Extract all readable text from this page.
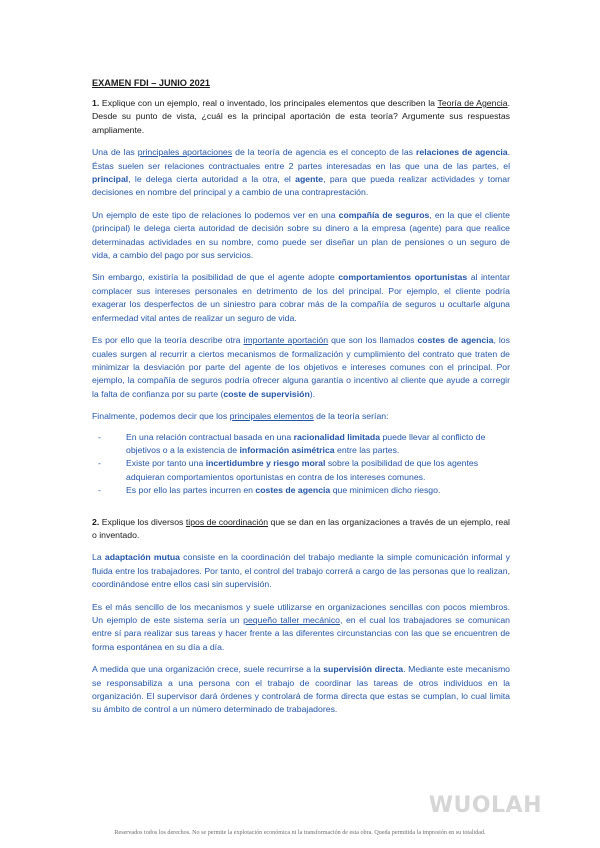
EXAMEN FDI – JUNIO 2021

1. Explique con un ejemplo, real o inventado, los principales elementos que describen la Teoría de Agencia. Desde su punto de vista, ¿cuál es la principal aportación de esta teoría? Argumente sus respuestas ampliamente.

Una de las principales aportaciones de la teoría de agencia es el concepto de las relaciones de agencia. Éstas suelen ser relaciones contractuales entre 2 partes interesadas en las que una de las partes, el principal, le delega cierta autoridad a la otra, el agente, para que pueda realizar actividades y tomar decisiones en nombre del principal y a cambio de una contraprestación.

Un ejemplo de este tipo de relaciones lo podemos ver en una compañía de seguros, en la que el cliente (principal) le delega cierta autoridad de decisión sobre su dinero a la empresa (agente) para que realice determinadas actividades en su nombre, como puede ser diseñar un plan de pensiones o un seguro de vida, a cambio del pago por sus servicios.

Sin embargo, existiría la posibilidad de que el agente adopte comportamientos oportunistas al intentar complacer sus intereses personales en detrimento de los del principal. Por ejemplo, el cliente podría exagerar los desperfectos de un siniestro para cobrar más de la compañía de seguros u ocultarle alguna enfermedad vital antes de realizar un seguro de vida.

Es por ello que la teoría describe otra importante aportación que son los llamados costes de agencia, los cuales surgen al recurrir a ciertos mecanismos de formalización y cumplimiento del contrato que traten de minimizar la desviación por parte del agente de los objetivos e intereses comunes con el principal. Por ejemplo, la compañía de seguros podría ofrecer alguna garantía o incentivo al cliente que ayude a corregir la falta de confianza por su parte (coste de supervisión).

Finalmente, podemos decir que los principales elementos de la teoría serían:

-	En una relación contractual basada en una racionalidad limitada puede llevar al conflicto de objetivos o a la existencia de información asimétrica entre las partes.
-	Existe por tanto una incertidumbre y riesgo moral sobre la posibilidad de que los agentes adquieran comportamientos oportunistas en contra de los intereses comunes.
-	Es por ello las partes incurren en costes de agencia que minimicen dicho riesgo.

2. Explique los diversos tipos de coordinación que se dan en las organizaciones a través de un ejemplo, real o inventado.

La adaptación mutua consiste en la coordinación del trabajo mediante la simple comunicación informal y fluida entre los trabajadores. Por tanto, el control del trabajo correrá a cargo de las personas que lo realizan, coordinándose entre ellos casi sin supervisión.

Es el más sencillo de los mecanismos y suele utilizarse en organizaciones sencillas con pocos miembros. Un ejemplo de este sistema sería un pequeño taller mecánico, en el cual los trabajadores se comunican entre sí para realizar sus tareas y hacer frente a las diferentes circunstancias con las que se encuentren de forma espontánea en su día a día.

A medida que una organización crece, suele recurrirse a la supervisión directa. Mediante este mecanismo se responsabiliza a una persona con el trabajo de coordinar las tareas de otros individuos en la organización. El supervisor dará órdenes y controlará de forma directa que estas se cumplan, lo cual limita su ámbito de control a un número determinado de trabajadores.

WUOLAH
Reservados todos los derechos. No se permite la explotación económica ni la transformación de esta obra. Queda permitida la impresión en su totalidad.
